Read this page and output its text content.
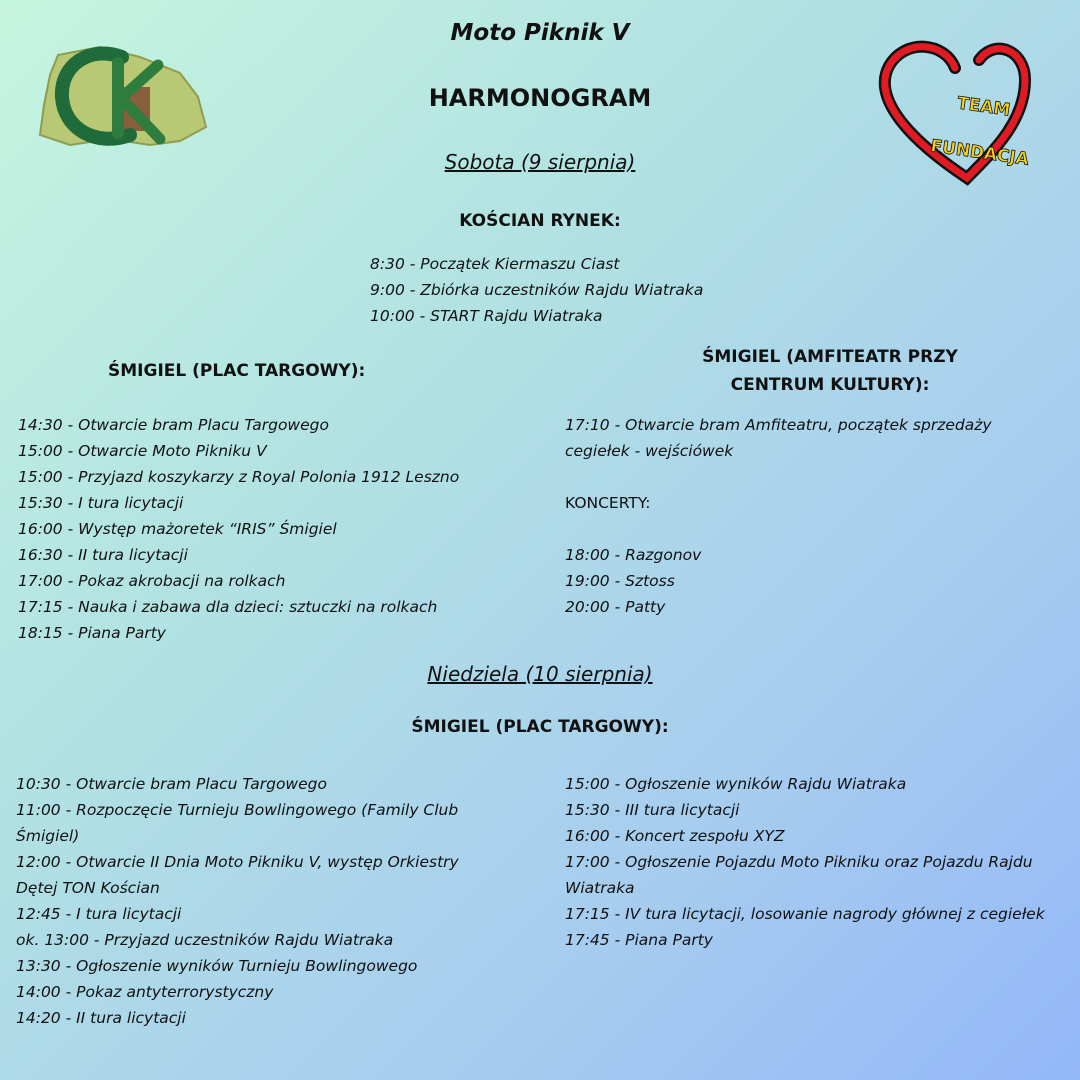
TEAM
FUNDACJA
Moto Piknik V
HARMONOGRAM
Sobota (9 sierpnia)
KOŚCIAN RYNEK:
8:30 - Początek Kiermaszu Ciast
9:00 - Zbiórka uczestników Rajdu Wiatraka
10:00 - START Rajdu Wiatraka
ŚMIGIEL (PLAC TARGOWY):
ŚMIGIEL (AMFITEATR PRZY
CENTRUM KULTURY):
14:30 - Otwarcie bram Placu Targowego
15:00 - Otwarcie Moto Pikniku V
15:00 - Przyjazd koszykarzy z Royal Polonia 1912 Leszno
15:30 - I tura licytacji
16:00 - Występ mażoretek “IRIS” Śmigiel
16:30 - II tura licytacji
17:00 - Pokaz akrobacji na rolkach
17:15 - Nauka i zabawa dla dzieci: sztuczki na rolkach
18:15 - Piana Party
17:10 - Otwarcie bram Amfiteatru, początek sprzedaży
cegiełek - wejściówek
KONCERTY:
18:00 - Razgonov
19:00 - Sztoss
20:00 - Patty
Niedziela (10 sierpnia)
ŚMIGIEL (PLAC TARGOWY):
10:30 - Otwarcie bram Placu Targowego
11:00 - Rozpoczęcie Turnieju Bowlingowego (Family Club
Śmigiel)
12:00 - Otwarcie II Dnia Moto Pikniku V, występ Orkiestry
Dętej TON Kościan
12:45 - I tura licytacji
ok. 13:00 - Przyjazd uczestników Rajdu Wiatraka
13:30 - Ogłoszenie wyników Turnieju Bowlingowego
14:00 - Pokaz antyterrorystyczny
14:20 - II tura licytacji
15:00 - Ogłoszenie wyników Rajdu Wiatraka
15:30 - III tura licytacji
16:00 - Koncert zespołu XYZ
17:00 - Ogłoszenie Pojazdu Moto Pikniku oraz Pojazdu Rajdu
Wiatraka
17:15 - IV tura licytacji, losowanie nagrody głównej z cegiełek
17:45 - Piana Party
